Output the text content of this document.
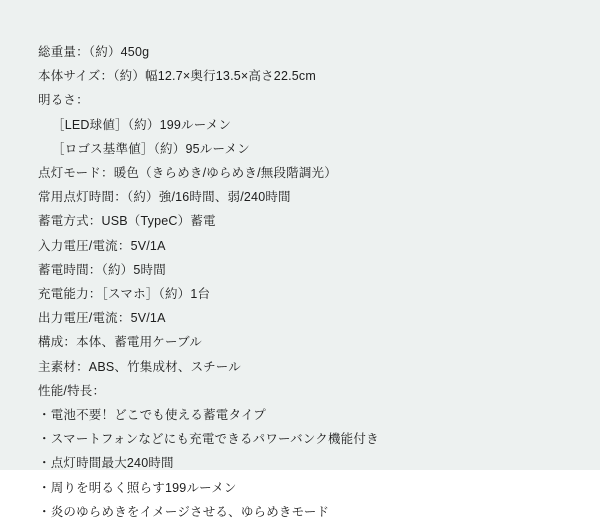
総重量：（約）450g
本体サイズ：（約）幅12.7×奥行13.5×高さ22.5cm
明るさ：
［LED球値］（約）199ルーメン
［ロゴス基準値］（約）95ルーメン
点灯モード：暖色（きらめき/ゆらめき/無段階調光）
常用点灯時間：（約）強/16時間、弱/240時間
蓄電方式：USB（TypeC）蓄電
入力電圧/電流：5V/1A
蓄電時間：（約）5時間
充電能力：［スマホ］（約）1台
出力電圧/電流：5V/1A
構成：本体、蓄電用ケーブル
主素材：ABS、竹集成材、スチール
性能/特長：
・電池不要！どこでも使える蓄電タイプ
・スマートフォンなどにも充電できるパワーバンク機能付き
・点灯時間最大240時間
・周りを明るく照らす199ルーメン
・炎のゆらめきをイメージさせる、ゆらめきモード
